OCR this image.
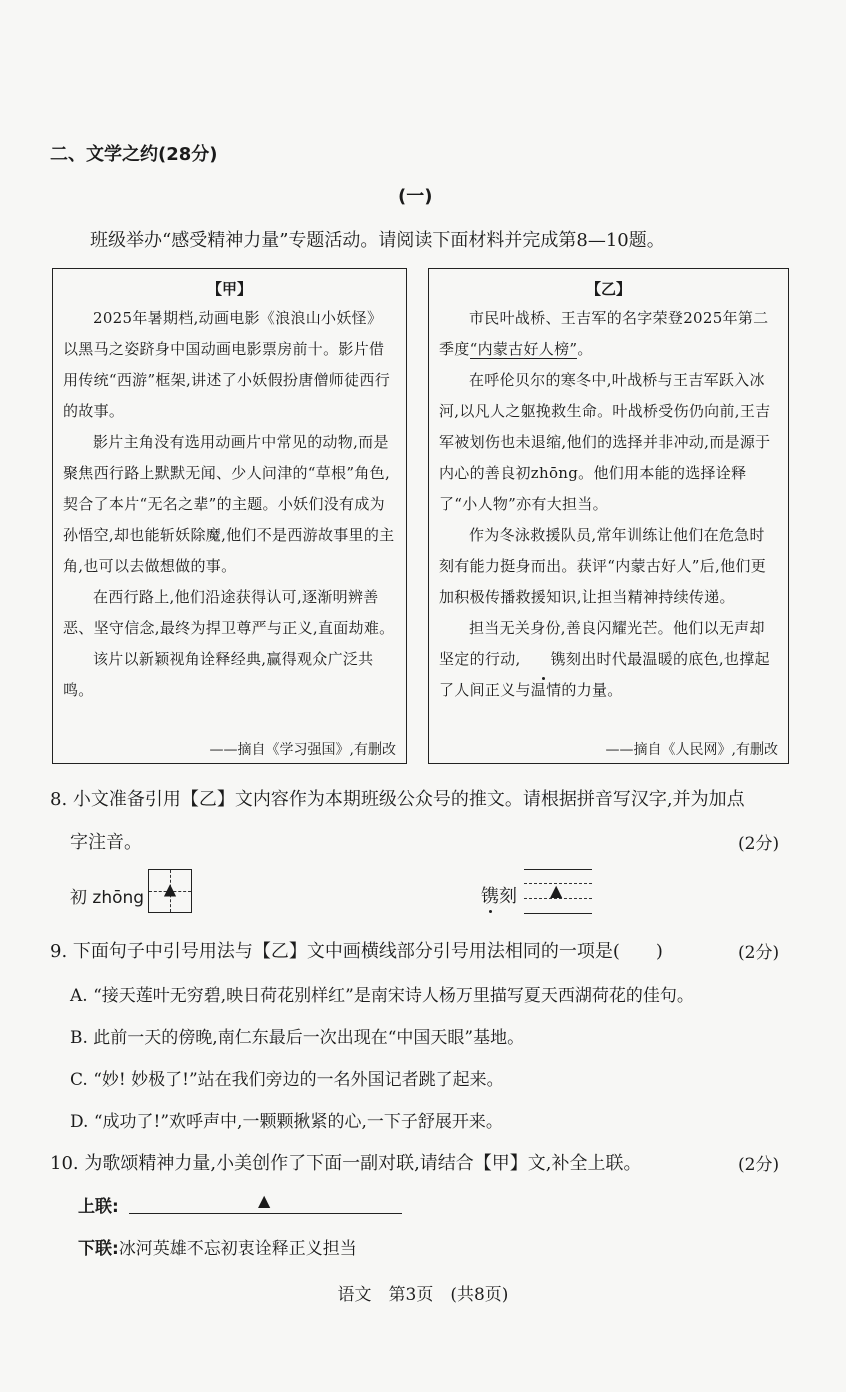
二、文学之约(28分)
(一)
班级举办“感受精神力量”专题活动。请阅读下面材料并完成第8—10题。
【甲】

2025年暑期档,动画电影《浪浪山小妖怪》以黑马之姿跻身中国动画电影票房前十。影片借用传统“西游”框架,讲述了小妖假扮唐僧师徒西行的故事。

影片主角没有选用动画片中常见的动物,而是聚焦西行路上默默无闻、少人问津的“草根”角色,契合了本片“无名之辈”的主题。小妖们没有成为孙悟空,却也能斩妖除魔,他们不是西游故事里的主角,也可以去做想做的事。

在西行路上,他们沿途获得认可,逐渐明辨善恶、坚守信念,最终为捍卫尊严与正义,直面劫难。

该片以新颖视角诠释经典,赢得观众广泛共鸣。

——摘自《学习强国》,有删改
【乙】

市民叶战桥、王吉军的名字荣登2025年第二季度“内蒙古好人榜”。

在呼伦贝尔的寒冬中,叶战桥与王吉军跃入冰河,以凡人之躯挽救生命。叶战桥受伤仍向前,王吉军被划伤也未退缩,他们的选择并非冲动,而是源于内心的善良初zhōng。他们用本能的选择诠释了“小人物”亦有大担当。

作为冬泳救援队员,常年训练让他们在危急时刻有能力挺身而出。获评“内蒙古好人”后,他们更加积极传播救援知识,让担当精神持续传递。

担当无关身份,善良闪耀光芒。他们以无声却坚定的行动, 镌刻出时代最温暖的底色,也撑起了人间正义与温情的力量。

——摘自《人民网》,有删改
8. 小文准备引用【乙】文内容作为本期班级公众号的推文。请根据拼音写汉字,并为加点
字注音。	(2分)
初 zhōng ▲	镌刻 ▲
9. 下面句子中引号用法与【乙】文中画横线部分引号用法相同的一项是(　　)	(2分)
A. “接天莲叶无穷碧,映日荷花别样红”是南宋诗人杨万里描写夏天西湖荷花的佳句。
B. 此前一天的傍晚,南仁东最后一次出现在“中国天眼”基地。
C. “妙! 妙极了!”站在我们旁边的一名外国记者跳了起来。
D. “成功了!”欢呼声中,一颗颗揪紧的心,一下子舒展开来。
10. 为歌颂精神力量,小美创作了下面一副对联,请结合【甲】文,补全上联。	(2分)
上联:	▲
下联:冰河英雄不忘初衷诠释正义担当
语文　第3页　(共8页)
